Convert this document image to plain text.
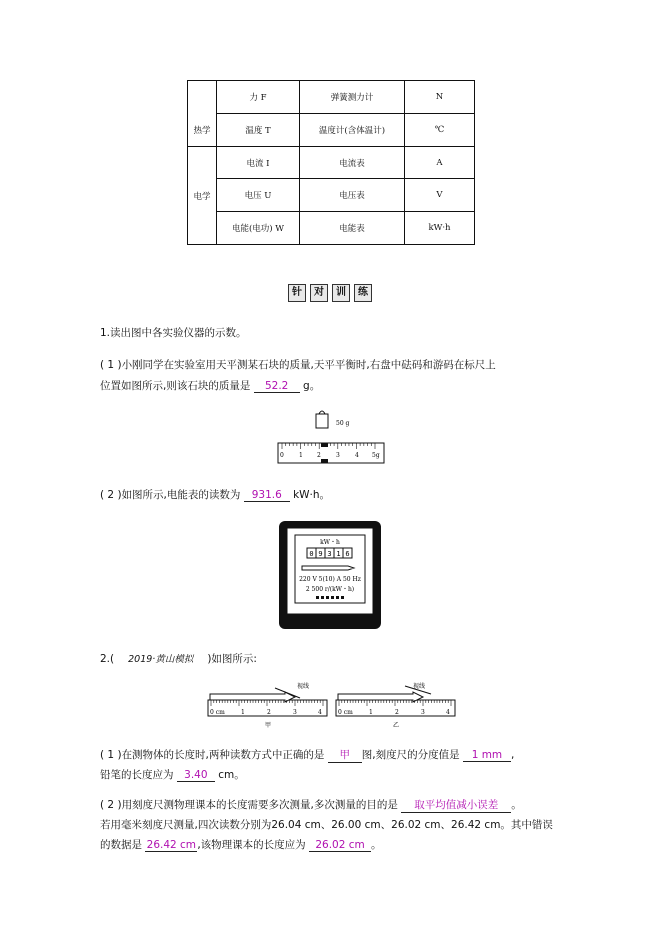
	力 F	弹簧测力计	N
热学	温度 T	温度计(含体温计)	℃
电学	电流 I	电流表	A
	电压 U	电压表	V
	电能(电功) W	电能表	kW·h
针	对	训	练
1.读出图中各实验仪器的示数。
( 1 )小刚同学在实验室用天平测某石块的质量,天平平衡时,右盘中砝码和游码在标尺上
位置如图所示,则该石块的质量是 52.2 g。
50 g
0	1 2	3	4 5g
( 2 )如图所示,电能表的读数为 931.6 kW·h。
kW・h
0 9 3 1 6
220 V 5(10) A 50 Hz
2 500 r/(kW・h)
2.( 2019·黄山模拟 )如图所示:
视线
0 cm	1	2	3	4
甲
视线
0 cm	1	2	3	4
乙
( 1 )在测物体的长度时,两种读数方式中正确的是 甲 图,刻度尺的分度值是 1 mm ,
铅笔的长度应为 3.40 cm。
( 2 )用刻度尺测物理课本的长度需要多次测量,多次测量的目的是 取平均值减小误差 。
若用毫米刻度尺测量,四次读数分别为26.04 cm、26.00 cm、26.02 cm、26.42 cm。其中错误
的数据是 26.42 cm,该物理课本的长度应为 26.02 cm 。
